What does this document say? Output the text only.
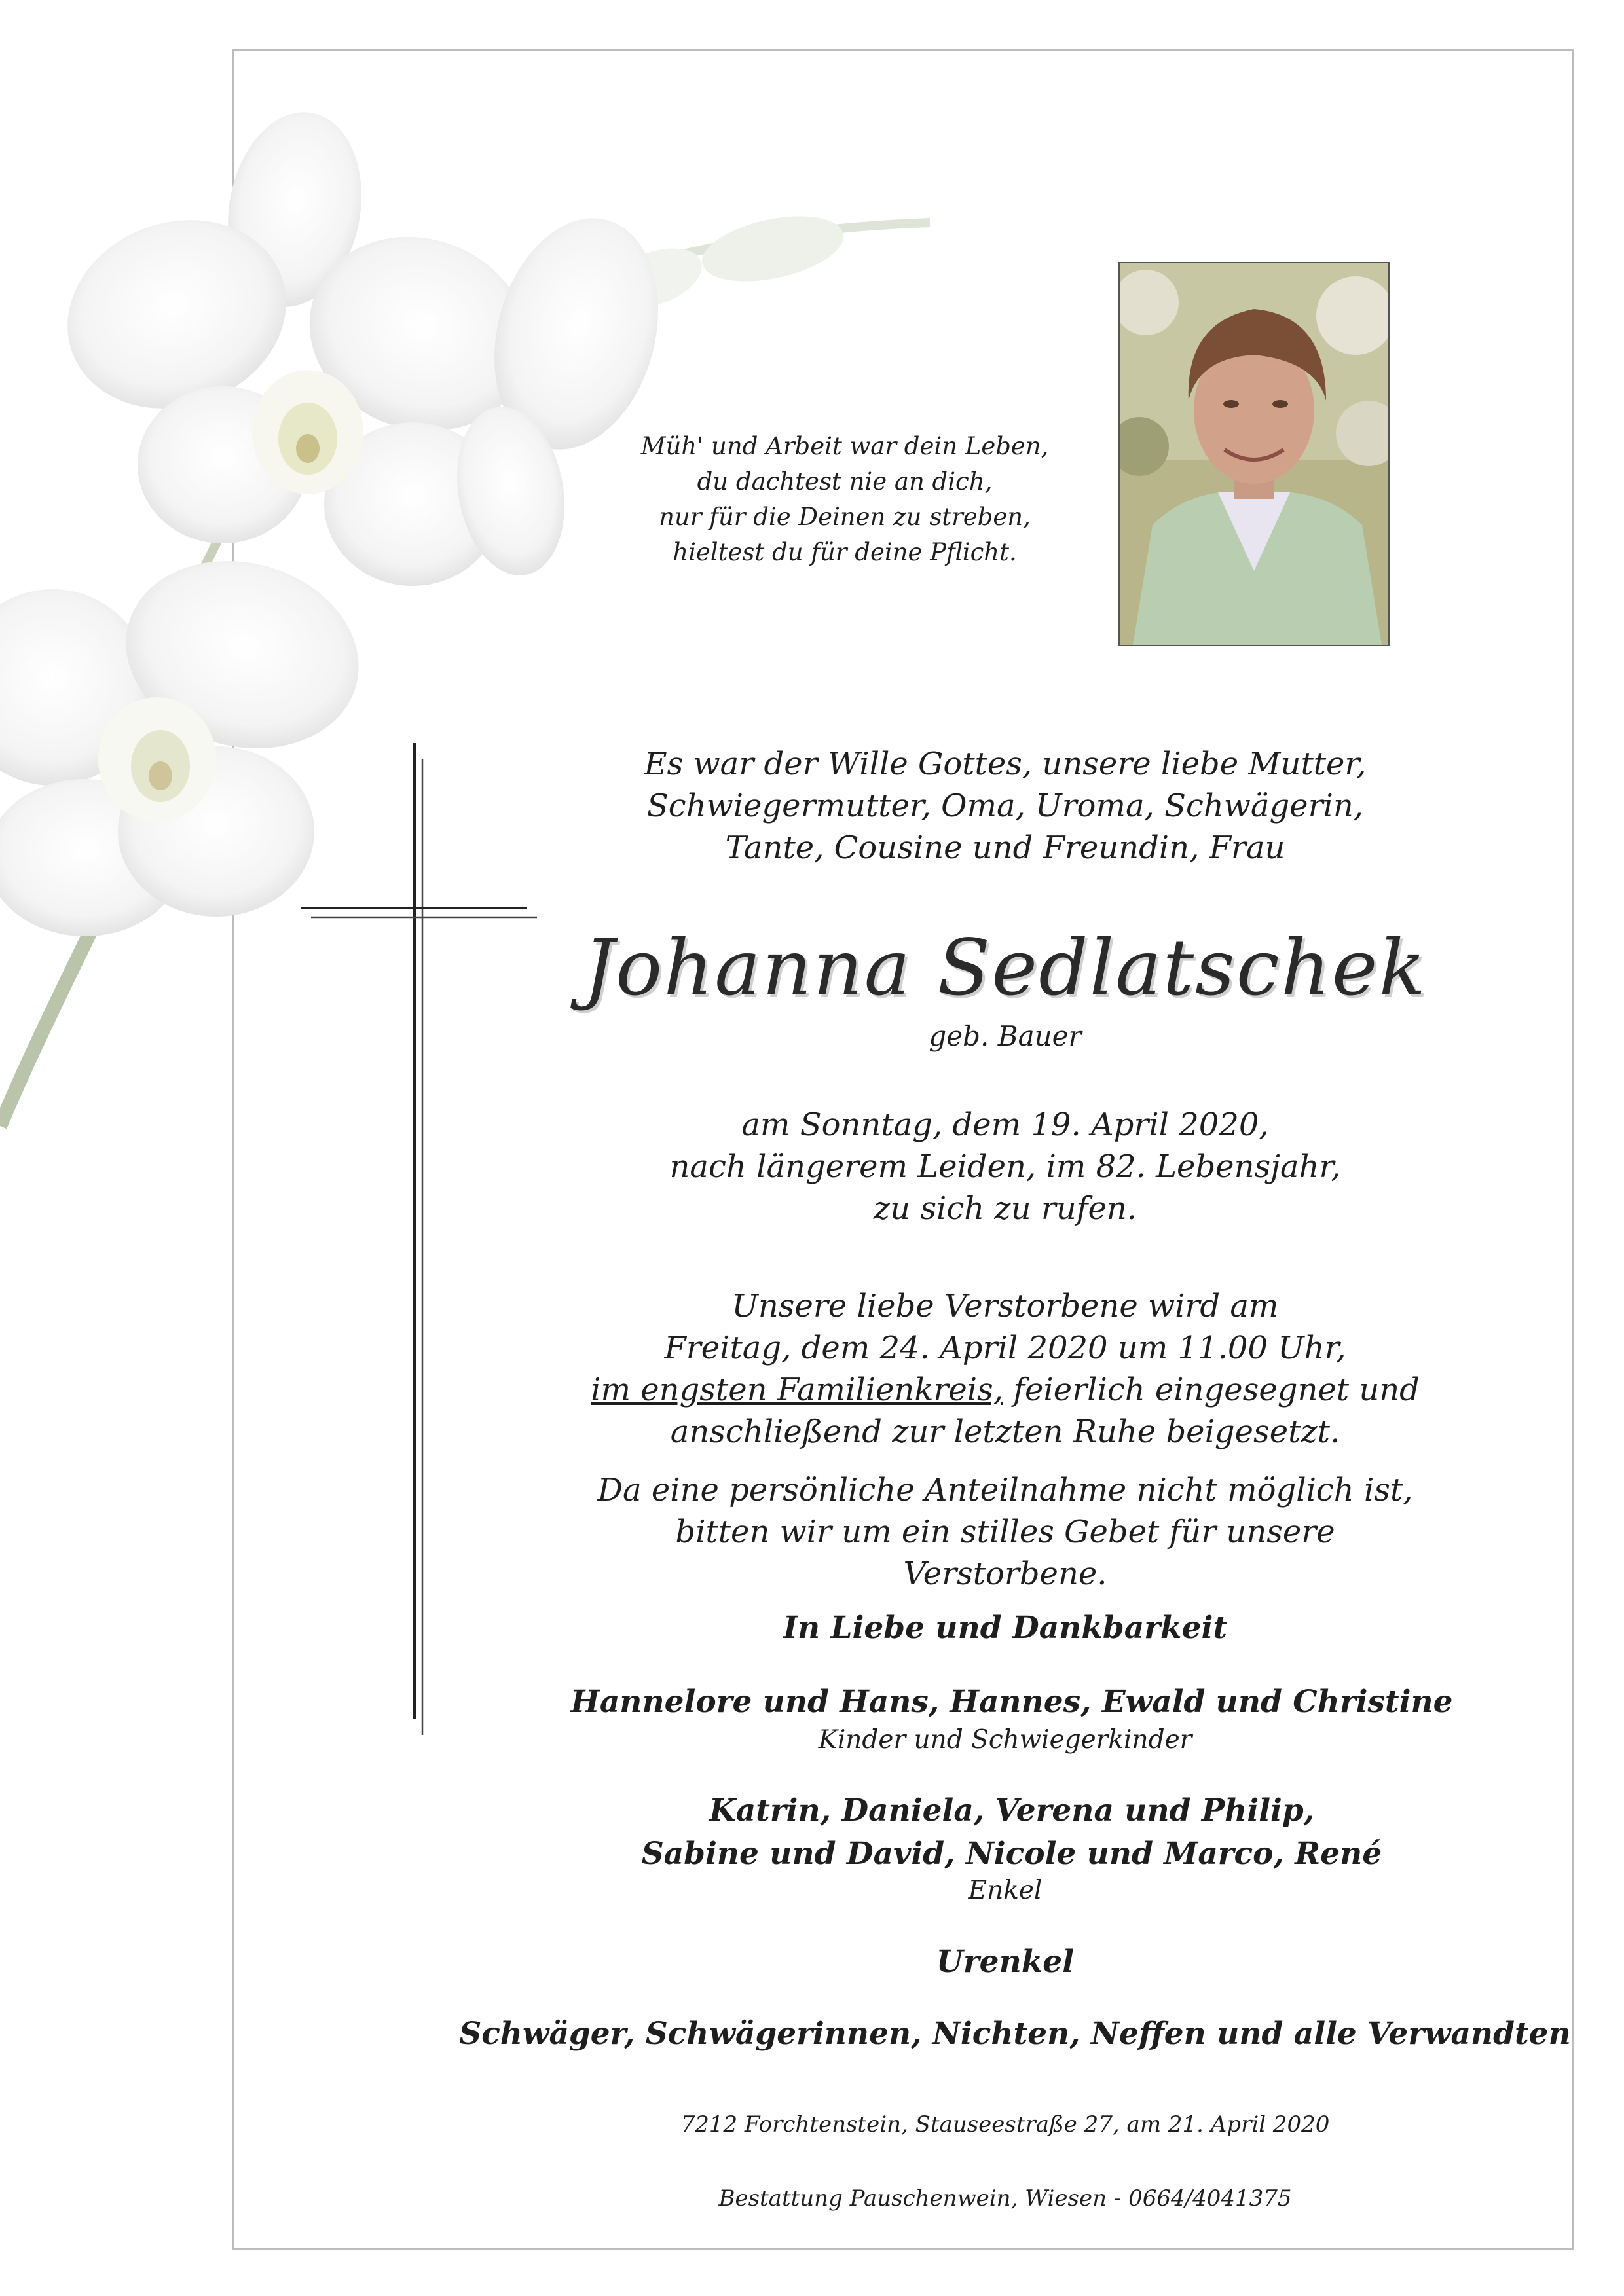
Müh' und Arbeit war dein Leben,
du dachtest nie an dich,
nur für die Deinen zu streben,
hieltest du für deine Pflicht.
Es war der Wille Gottes, unsere liebe Mutter,
Schwiegermutter, Oma, Uroma, Schwägerin,
Tante, Cousine und Freundin, Frau
Johanna Sedlatschek
geb. Bauer
am Sonntag, dem 19. April 2020,
nach längerem Leiden, im 82. Lebensjahr,
zu sich zu rufen.
Unsere liebe Verstorbene wird am
Freitag, dem 24. April 2020 um 11.00 Uhr,
im engsten Familienkreis, feierlich eingesegnet und
anschließend zur letzten Ruhe beigesetzt.
Da eine persönliche Anteilnahme nicht möglich ist,
bitten wir um ein stilles Gebet für unsere Verstorbene.
In Liebe und Dankbarkeit
Hannelore und Hans, Hannes, Ewald und Christine
Kinder und Schwiegerkinder
Katrin, Daniela, Verena und Philip,
Sabine und David, Nicole und Marco, René
Enkel
Urenkel
Schwäger, Schwägerinnen, Nichten, Neffen und alle Verwandten
7212 Forchtenstein, Stauseestraße 27, am 21. April 2020
Bestattung Pauschenwein, Wiesen - 0664/4041375
